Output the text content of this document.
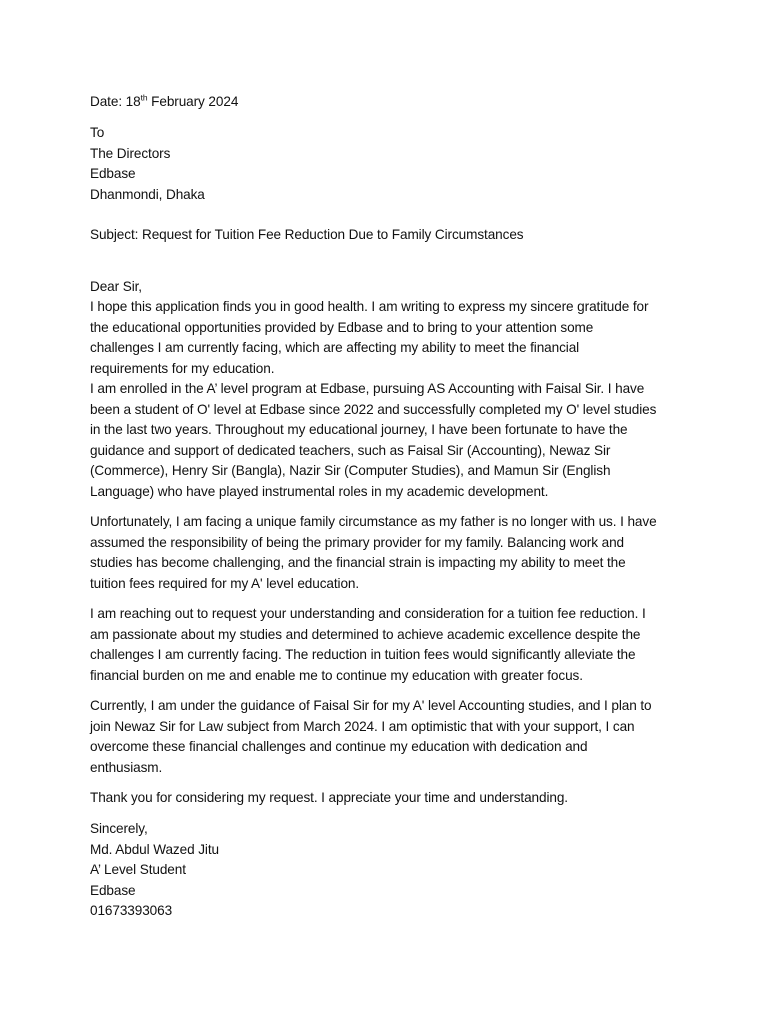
Date: 18th February 2024
To
The Directors
Edbase
Dhanmondi, Dhaka
Subject: Request for Tuition Fee Reduction Due to Family Circumstances
Dear Sir,
I hope this application finds you in good health. I am writing to express my sincere gratitude for
the educational opportunities provided by Edbase and to bring to your attention some
challenges I am currently facing, which are affecting my ability to meet the financial
requirements for my education.
I am enrolled in the A’ level program at Edbase, pursuing AS Accounting with Faisal Sir. I have
been a student of O' level at Edbase since 2022 and successfully completed my O' level studies
in the last two years. Throughout my educational journey, I have been fortunate to have the
guidance and support of dedicated teachers, such as Faisal Sir (Accounting), Newaz Sir
(Commerce), Henry Sir (Bangla), Nazir Sir (Computer Studies), and Mamun Sir (English
Language) who have played instrumental roles in my academic development.
Unfortunately, I am facing a unique family circumstance as my father is no longer with us. I have
assumed the responsibility of being the primary provider for my family. Balancing work and
studies has become challenging, and the financial strain is impacting my ability to meet the
tuition fees required for my A' level education.
I am reaching out to request your understanding and consideration for a tuition fee reduction. I
am passionate about my studies and determined to achieve academic excellence despite the
challenges I am currently facing. The reduction in tuition fees would significantly alleviate the
financial burden on me and enable me to continue my education with greater focus.
Currently, I am under the guidance of Faisal Sir for my A' level Accounting studies, and I plan to
join Newaz Sir for Law subject from March 2024. I am optimistic that with your support, I can
overcome these financial challenges and continue my education with dedication and
enthusiasm.
Thank you for considering my request. I appreciate your time and understanding.
Sincerely,
Md. Abdul Wazed Jitu
A’ Level Student
Edbase
01673393063
